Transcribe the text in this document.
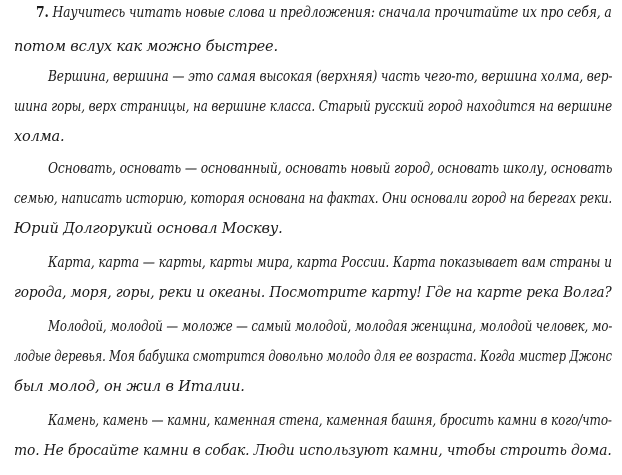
7. Научитесь читать новые слова и предложения: сначала прочитайте их про себя, а
потом вслух как можно быстрее.
Вершина, вершина — это самая высокая (верхняя) часть чего-то, вершина холма, вер-
шина горы, верх страницы, на вершине класса. Старый русский город находится на вершине
холма.
Основать, основать — основанный, основать новый город, основать школу, основать
семью, написать историю, которая основана на фактах. Они основали город на берегах реки.
Юрий Долгорукий основал Москву.
Карта, карта — карты, карты мира, карта России. Карта показывает вам страны и
города, моря, горы, реки и океаны. Посмотрите карту! Где на карте река Волга?
Молодой, молодой — моложе — самый молодой, молодая женщина, молодой человек, мо-
лодые деревья. Моя бабушка смотрится довольно молодо для ее возраста. Когда мистер Джонс
был молод, он жил в Италии.
Камень, камень — камни, каменная стена, каменная башня, бросить камни в кого/что-
то. Не бросайте камни в собак. Люди используют камни, чтобы строить дома.
